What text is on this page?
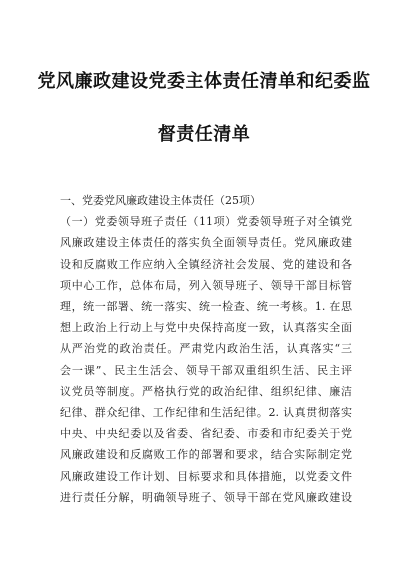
党风廉政建设党委主体责任清单和纪委监
督责任清单
一、党委党风廉政建设主体责任（25项）
（一）党委领导班子责任（11项）党委领导班子对全镇党
风廉政建设主体责任的落实负全面领导责任。党风廉政建
设和反腐败工作应纳入全镇经济社会发展、党的建设和各
项中心工作，总体布局，列入领导班子、领导干部目标管
理，统一部署、统一落实、统一检查、统一考核。1. 在思
想上政治上行动上与党中央保持高度一致，认真落实全面
从严治党的政治责任。严肃党内政治生活，认真落实“三
会一课”、民主生活会、领导干部双重组织生活、民主评
议党员等制度。严格执行党的政治纪律、组织纪律、廉洁
纪律、群众纪律、工作纪律和生活纪律。2. 认真贯彻落实
中央、中央纪委以及省委、省纪委、市委和市纪委关于党
风廉政建设和反腐败工作的部署和要求，结合实际制定党
风廉政建设工作计划、目标要求和具体措施，以党委文件
进行责任分解，明确领导班子、领导干部在党风廉政建设
